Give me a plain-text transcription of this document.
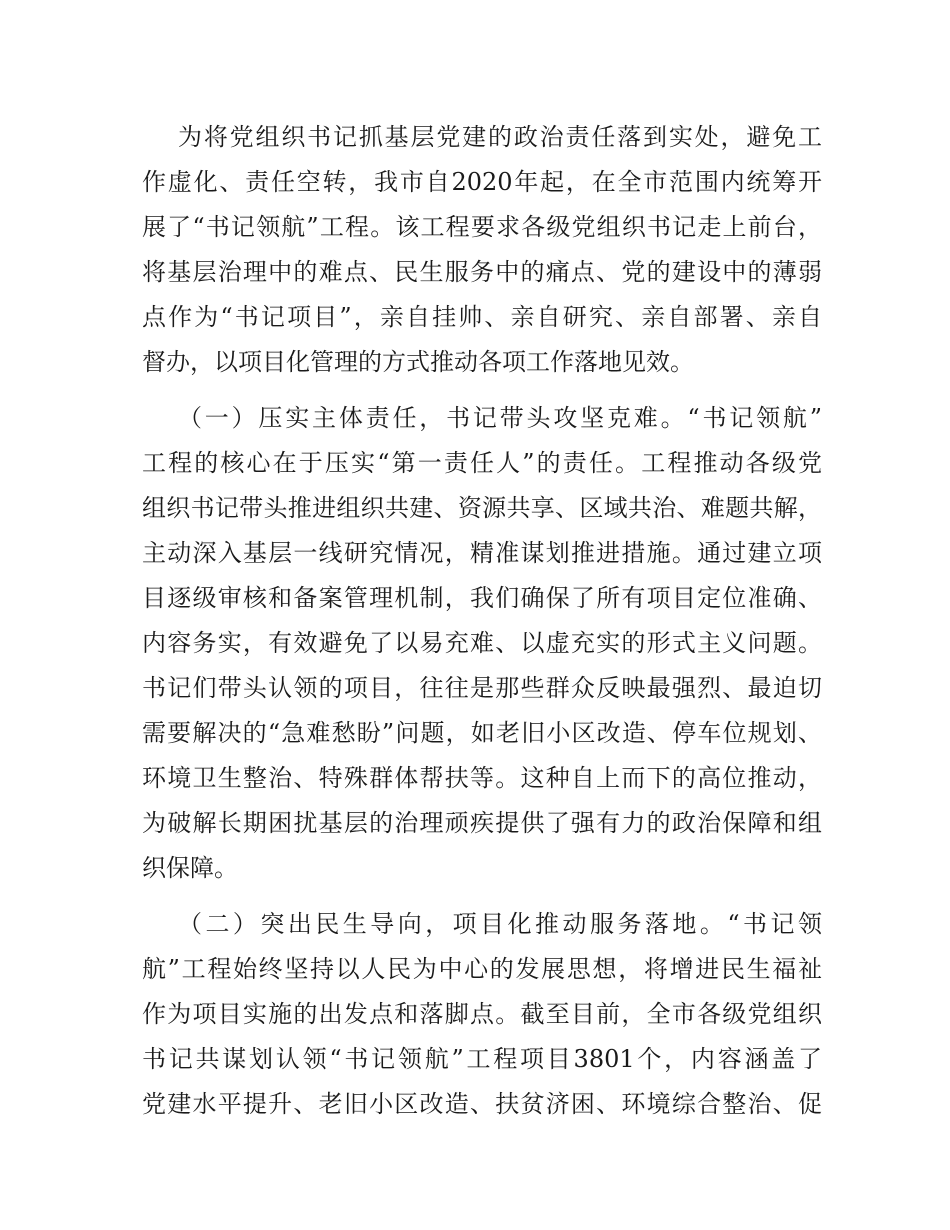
为将党组织书记抓基层党建的政治责任落到实处，避免工
作虚化、责任空转，我市自2020年起，在全市范围内统筹开
展了“书记领航”工程。该工程要求各级党组织书记走上前台，
将基层治理中的难点、民生服务中的痛点、党的建设中的薄弱
点作为“书记项目”，亲自挂帅、亲自研究、亲自部署、亲自
督办，以项目化管理的方式推动各项工作落地见效。
（一）压实主体责任，书记带头攻坚克难。“书记领航”
工程的核心在于压实“第一责任人”的责任。工程推动各级党
组织书记带头推进组织共建、资源共享、区域共治、难题共解，
主动深入基层一线研究情况，精准谋划推进措施。通过建立项
目逐级审核和备案管理机制，我们确保了所有项目定位准确、
内容务实，有效避免了以易充难、以虚充实的形式主义问题。
书记们带头认领的项目，往往是那些群众反映最强烈、最迫切
需要解决的“急难愁盼”问题，如老旧小区改造、停车位规划、
环境卫生整治、特殊群体帮扶等。这种自上而下的高位推动，
为破解长期困扰基层的治理顽疾提供了强有力的政治保障和组
织保障。
（二）突出民生导向，项目化推动服务落地。“书记领
航”工程始终坚持以人民为中心的发展思想，将增进民生福祉
作为项目实施的出发点和落脚点。截至目前，全市各级党组织
书记共谋划认领“书记领航”工程项目3801个，内容涵盖了
党建水平提升、老旧小区改造、扶贫济困、环境综合整治、促
